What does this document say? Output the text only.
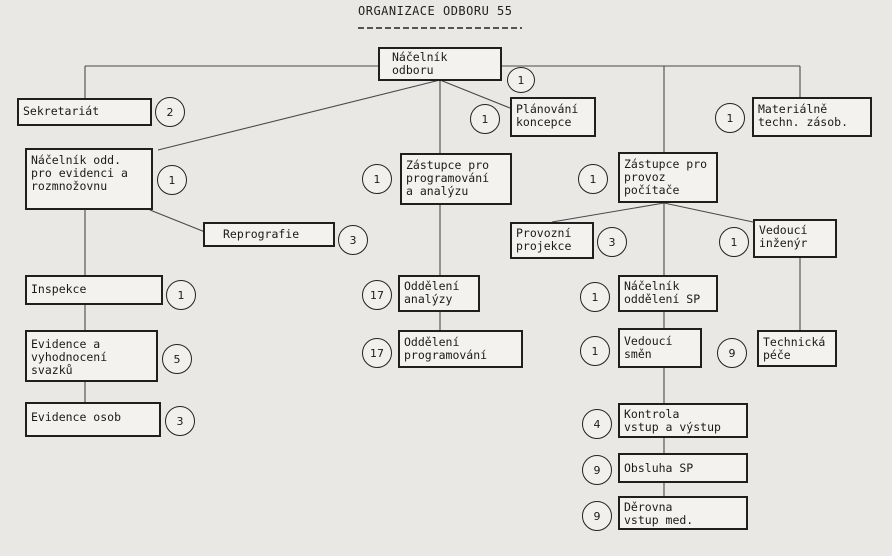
ORGANIZACE ODBORU 55
Náčelník
odboru
1
Sekretariát	2	Plánování
koncepce
1
Materiálně
techn. zásob.
1
Náčelník odd.
pro evidenci a
rozmnožovnu	1
Zástupce pro
programování
a analýzu
1
Zástupce pro
provoz
počítače
1
Reprografie	3	Provozní
projekce	3
Vedoucí
inženýr
1
Inspekce	1
Oddělení
analýzy
17
Náčelník
oddělení SP
1
Evidence a
vyhodnocení
svazků
5
Oddělení
programování
17
Vedoucí
směn
1
Technická
péče
9
Evidence osob	3	Kontrola
vstup a výstup
4
Obsluha SP
9
Děrovna
vstup med.
9
